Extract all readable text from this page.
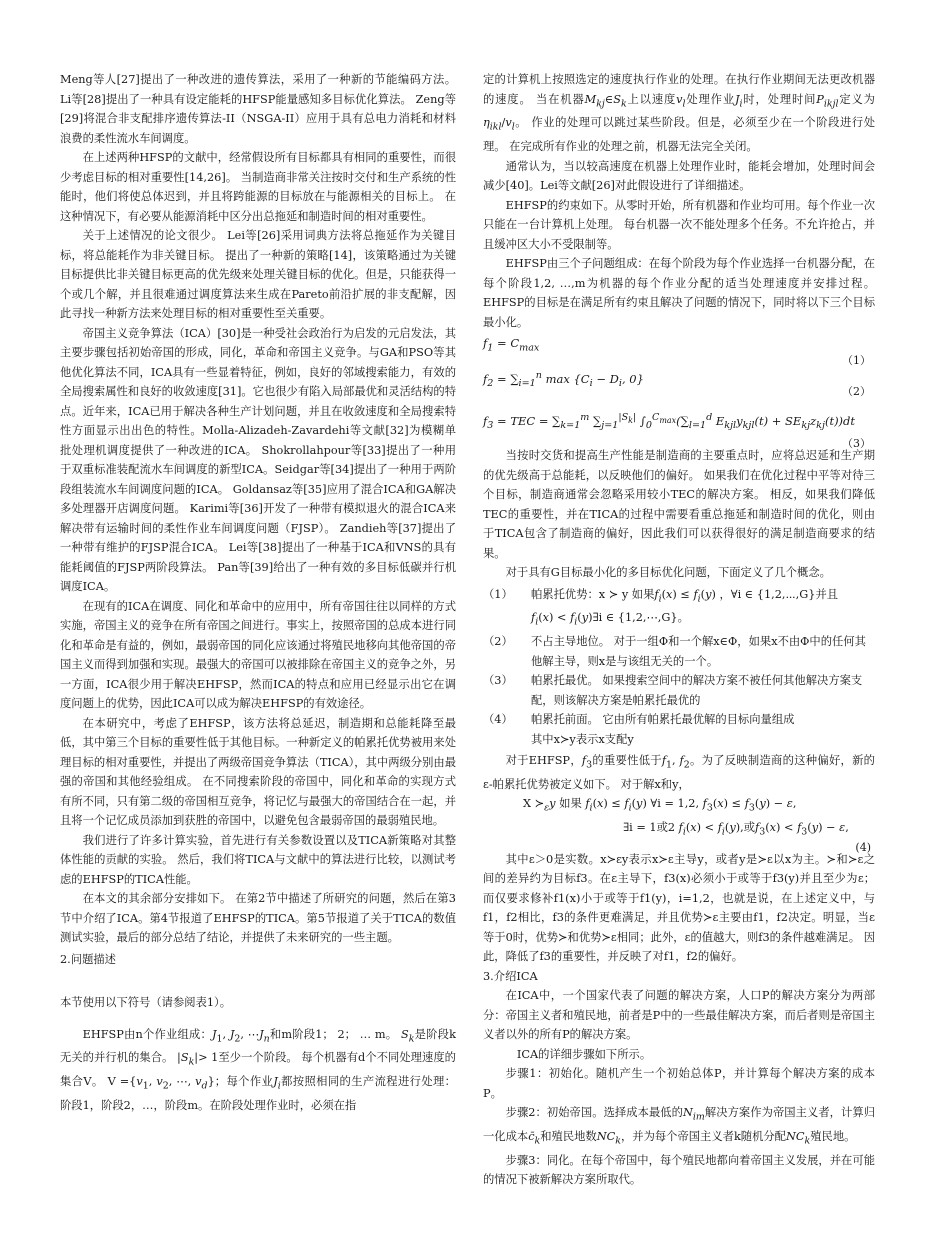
Meng等人[27]提出了一种改进的遗传算法，采用了一种新的节能编码方法。 Li等[28]提出了一种具有设定能耗的HFSP能量感知多目标优化算法。 Zeng等[29]将混合非支配排序遗传算法-II（NSGA-II）应用于具有总电力消耗和材料浪费的柔性流水车间调度。

在上述两种HFSP的文献中，经常假设所有目标都具有相同的重要性，而很少考虑目标的相对重要性[14,26]。 当制造商非常关注按时交付和生产系统的性能时，他们将使总体迟到，并且将跨能源的目标放在与能源相关的目标上。 在这种情况下，有必要从能源消耗中区分出总拖延和制造时间的相对重要性。

关于上述情况的论文很少。 Lei等[26]采用词典方法将总拖延作为关键目标，将总能耗作为非关键目标。 提出了一种新的策略[14]，该策略通过为关键目标提供比非关键目标更高的优先级来处理关键目标的优化。但是，只能获得一个或几个解，并且很难通过调度算法来生成在Pareto前沿扩展的非支配解，因此寻找一种新方法来处理目标的相对重要性至关重要。

帝国主义竞争算法（ICA）[30]是一种受社会政治行为启发的元启发法，其主要步骤包括初始帝国的形成，同化，革命和帝国主义竞争。与GA和PSO等其他优化算法不同，ICA具有一些显着特征，例如，良好的邻域搜索能力，有效的全局搜索属性和良好的收敛速度[31]。它也很少有陷入局部最优和灵活结构的特点。近年来，ICA已用于解决各种生产计划问题，并且在收敛速度和全局搜索特性方面显示出出色的特性。Molla-Alizadeh-Zavardehi等文献[32]为模糊单批处理机调度提供了一种改进的ICA。 Shokrollahpour等[33]提出了一种用于双重标准装配流水车间调度的新型ICA。Seidgar等[34]提出了一种用于两阶段组装流水车间调度问题的ICA。 Goldansaz等[35]应用了混合ICA和GA解决多处理器开店调度问题。 Karimi等[36]开发了一种带有模拟退火的混合ICA来解决带有运输时间的柔性作业车间调度问题（FJSP）。 Zandieh等[37]提出了一种带有维护的FJSP混合ICA。 Lei等[38]提出了一种基于ICA和VNS的具有能耗阈值的FJSP两阶段算法。 Pan等[39]给出了一种有效的多目标低碳并行机调度ICA。

在现有的ICA在调度、同化和革命中的应用中，所有帝国往往以同样的方式实施，帝国主义的竞争在所有帝国之间进行。事实上，按照帝国的总成本进行同化和革命是有益的，例如，最弱帝国的同化应该通过将殖民地移向其他帝国的帝国主义而得到加强和实现。最强大的帝国可以被排除在帝国主义的竞争之外，另一方面，ICA很少用于解决EHFSP，然而ICA的特点和应用已经显示出它在调度问题上的优势，因此ICA可以成为解决EHFSP的有效途径。

在本研究中，考虑了EHFSP，该方法将总延迟，制造期和总能耗降至最低，其中第三个目标的重要性低于其他目标。一种新定义的帕累托优势被用来处理目标的相对重要性，并提出了两级帝国竞争算法（TICA），其中两级分别由最强的帝国和其他经验组成。 在不同搜索阶段的帝国中，同化和革命的实现方式有所不同，只有第二级的帝国相互竞争，将记忆与最强大的帝国结合在一起，并且将一个记忆成员添加到获胜的帝国中，以避免包含最弱帝国的最弱殖民地。

我们进行了许多计算实验，首先进行有关参数设置以及TICA新策略对其整体性能的贡献的实验。 然后，我们将TICA与文献中的算法进行比较，以测试考虑的EHFSP的TICA性能。

在本文的其余部分安排如下。 在第2节中描述了所研究的问题，然后在第3节中介绍了ICA。第4节报道了EHFSP的TICA。第5节报道了关于TICA的数值测试实验，最后的部分总结了结论，并提供了未来研究的一些主题。

2.问题描述

本节使用以下符号（请参阅表1）。

EHFSP由n个作业组成：$J_1$, $J_2$, $\cdots J_n$和m阶段1； 2； … m。 $S_k$是阶段k无关的并行机的集合。 $|S_k|> 1$至少一个阶段。 每个机器有d个不同处理速度的集合V。 $V =\{v_1$, $v_2$, ⋯, $v_d$}；每个作业$J_i$都按照相同的生产流程进行处理：阶段1，阶段2，…，阶段m。在阶段处理作业时，必须在指

定的计算机上按照选定的速度执行作业的处理。在执行作业期间无法更改机器的速度。 当在机器$M_{kj}\in S_k$上以速度$v_l$处理作业$J_i$时，处理时间$P_{ikjl}$定义为$\eta_{ikl}/v_l$。 作业的处理可以跳过某些阶段。但是，必须至少在一个阶段进行处理。 在完成所有作业的处理之前，机器无法完全关闭。

通常认为，当以较高速度在机器上处理作业时，能耗会增加，处理时间会减少[40]。Lei等文献[26]对此假设进行了详细描述。

EHFSP的约束如下。从零时开始，所有机器和作业均可用。每个作业一次只能在一台计算机上处理。 每台机器一次不能处理多个任务。不允许抢占，并且缓冲区大小不受限制等。

EHFSP由三个子问题组成：在每个阶段为每个作业选择一台机器分配，在每个阶段1,2, …,m为机器的每个作业分配的适当处理速度并安排过程。 EHFSP的目标是在满足所有约束且解决了问题的情况下，同时将以下三个目标最小化。

$f_1 = C_{max}$
（1）
$f_2 = \sum_{i=1}^n$ $\max \{C_i - D_i$, 0}
（2）
$f_3$ = TEC = $\sum_{k=1}^m$ $\sum_{j=1}^{|S_k|}$ $\int_0^{C_{max}}(\sum_{l=1}^d$ $E_{kjl}y_{kjl}(t) + SE_{kj}z_{kj}(t))dt$
（3）

当按时交货和提高生产性能是制造商的主要重点时，应将总迟延和生产期的优先级高于总能耗，以反映他们的偏好。 如果我们在优化过程中平等对待三个目标，制造商通常会忽略采用较小TEC的解决方案。 相反，如果我们降低TEC的重要性，并在TICA的过程中需要看重总拖延和制造时间的优化，则由于TICA包含了制造商的偏好，因此我们可以获得很好的满足制造商要求的结果。

对于具有G目标最小化的多目标优化问题，下面定义了几个概念。

（1）	帕累托优势：x ≻ y 如果$f_i(x) \le f_i(y)$ ，∀i ∈ {1,2,⋯,G}并且
$f_i(x)$ < $f_i(y)\exists i$ ∈ {1,2,⋯,G}。
（2）	不占主导地位。 对于一组Φ和一个解x∈Φ，如果x不由Φ中的任何其他解主导，则x是与该组无关的一个。
（3）	帕累托最优。 如果搜索空间中的解决方案不被任何其他解决方案支配，则该解决方案是帕累托最优的
（4）	帕累托前面。 它由所有帕累托最优解的目标向量组成
其中x≻y表示x支配y

对于EHFSP，$f_3$的重要性低于$f_1$, $f_2$。为了反映制造商的这种偏好，新的ε-帕累托优势被定义如下。 对于解x和y，

X $≻_\varepsilon y$ 如果 $f_i(x) \le f_i(y)$ ∀i = 1,2, $f_3(x) \le f_3(y) - \varepsilon$,
∃i = 1或2 $f_i(x) < f_i(y)$,或$f_3(x) < f_3(y) - \varepsilon$,
(4)

其中ε＞0是实数。x≻εy表示x≻ε主导y，或者y是≻ε以x为主。≻和≻ε之间的差异约为目标f3。在ε主导下，f3(x)必须小于或等于f3(y)并且至少为ε；而仅要求修补f1(x)小于或等于f1(y)，i=1,2，也就是说，在上述定义中，与f1，f2相比，f3的条件更难满足，并且优势≻ε主要由f1，f2决定。明显，当ε等于0时，优势≻和优势≻ε相同；此外，ε的值越大，则f3的条件越难满足。 因此，降低了f3的重要性，并反映了对f1，f2的偏好。

3.介绍ICA

在ICA中，一个国家代表了问题的解决方案，人口P的解决方案分为两部分：帝国主义者和殖民地，前者是P中的一些最佳解决方案，而后者则是帝国主义者以外的所有P的解决方案。

ICA的详细步骤如下所示。

步骤1：初始化。随机产生一个初始总体P，并计算每个解决方案的成本P。

步骤2：初始帝国。选择成本最低的$N_{im}$解决方案作为帝国主义者，计算归一化成本$c̄_k$和殖民地数$NC_k$，并为每个帝国主义者k随机分配$NC_k$殖民地。

步骤3：同化。在每个帝国中，每个殖民地都向着帝国主义发展，并在可能的情况下被新解决方案所取代。
